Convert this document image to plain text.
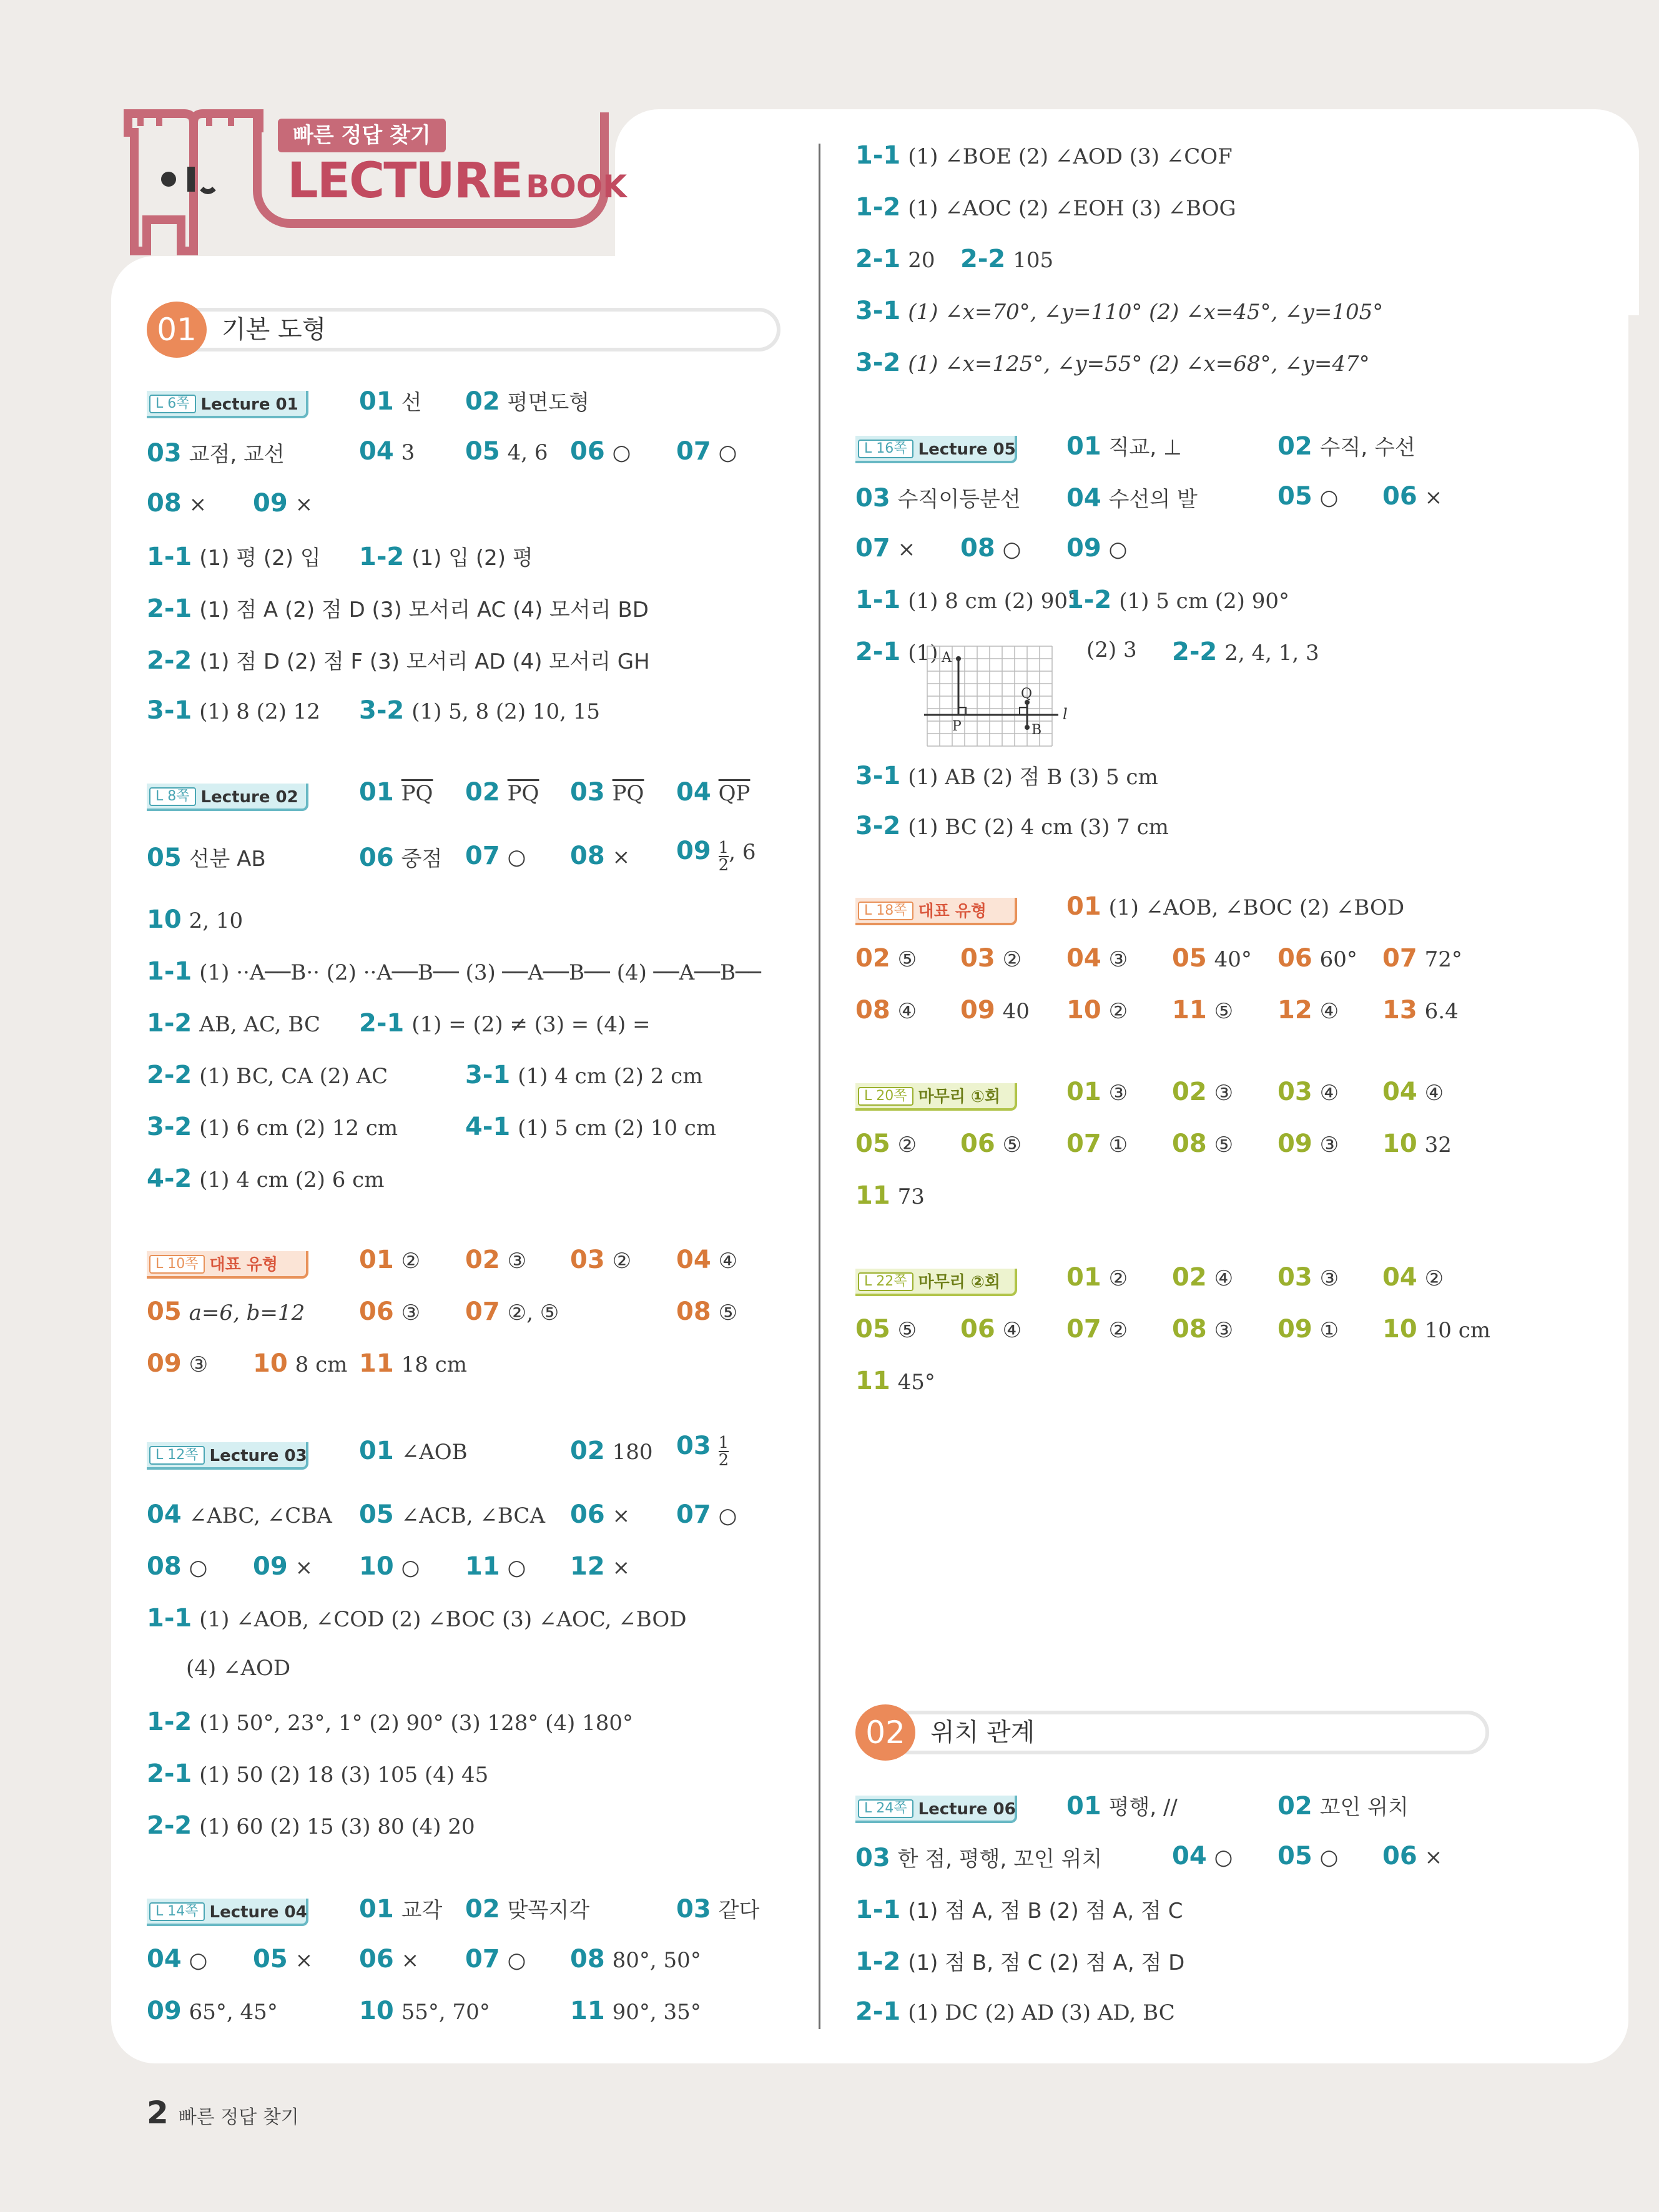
빠른 정답 찾기
LECTURE BOOK
01	기본 도형
L 6쪽 Lecture 01	01 선 02 평면도형
03 교점, 교선	04 3 05 4, 6 06 ○ 07 ○
08 × 09 ×
1-1 (1) 평 (2) 입 1-2 (1) 입 (2) 평
2-1 (1) 점 A (2) 점 D (3) 모서리 AC (4) 모서리 BD
2-2 (1) 점 D (2) 점 F (3) 모서리 AD (4) 모서리 GH
3-1 (1) 8 (2) 12 3-2 (1) 5, 8 (2) 10, 15
L 8쪽 Lecture 02	01 $\overline{PQ}$ 02 $\overline{PQ}$ 03 $\overline{PQ}$ 04 $\overline{QP}$
05 선분 AB	06 중점 07 ○ $08 \times 09 \frac{1}{2}$ , 6
10 2, 10
1-1 (1) ··A──B·· (2) ··A──B── (3) ──A──B── (4) ──A──B──
1-2 AB, AC, BC 2-1 (1) = (2) ≠ (3) = (4) =
2-2 (1) BC, CA (2) AC	3-1 (1) 4 cm (2) 2 cm
3-2 (1) 6 cm (2) 12 cm	4-1 (1) 5 cm (2) 10 cm
4-2 (1) 4 cm (2) 6 cm
L 10쪽 대표 유형	01 ② 02 ③ 03 ② 04 ④
05 a=6, b=12 06 ③ 07 ②, ⑤	08 ⑤
09 ③ 10 8 cm 11 18 cm
L 12쪽 Lecture 03 01 ∠AOB	02 180 $03 \frac{1}{2}$
04 ∠ABC, ∠CBA 05 ∠ACB, ∠BCA 06 × 07 ○
08 ○ 09 × 10 ○ 11 ○ 12 ×
1-1 (1) ∠AOB, ∠COD (2) ∠BOC (3) ∠AOC, ∠BOD
(4) ∠AOD
1-2 (1) 50°, 23°, 1° (2) 90° (3) 128° (4) 180°
2-1 (1) 50 (2) 18 (3) 105 (4) 45
2-2 (1) 60 (2) 15 (3) 80 (4) 20
L 14쪽 Lecture 04 01 교각 02 맞꼭지각	03 같다
04 ○ 05 × 06 × 07 ○ 08 80°, 50°
09 65°, 45°	10 55°, 70°	11 90°, 35°
1-1 (1) ∠BOE (2) ∠AOD (3) ∠COF
1-2 (1) ∠AOC (2) ∠EOH (3) ∠BOG
2-1 20 2-2 105
3-1 (1) ∠x=70°, ∠y=110° (2) ∠x=45°, ∠y=105°
3-2 (1) ∠x=125°, ∠y=55° (2) ∠x=68°, ∠y=47°
L 16쪽 Lecture 05 01 직교, ⊥	02 수직, 수선
03 수직이등분선 04 수선의 발	05 ○ 06 ×
07 × 08 ○ 09 ○
1-1 (1) 8 cm (2) 90°
1-2 (1) 5 cm (2) 90°
2-1 (1) A
P
Q
B
l
(2) 3 2-2 2, 4, 1, 3
3-1 (1) AB (2) 점 B (3) 5 cm
3-2 (1) BC (2) 4 cm (3) 7 cm
L 18쪽 대표 유형	01 (1) ∠AOB, ∠BOC (2) ∠BOD
02 ⑤ 03 ② 04 ③ 05 40° 06 60° 07 72°
08 ④ 09 40 10 ② 11 ⑤ 12 ④ 13 6.4
L 20쪽 마무리 ①회	01 ③ 02 ③ 03 ④ 04 ④
05 ② 06 ⑤ 07 ① 08 ⑤ 09 ③ 10 32
11 73
L 22쪽 마무리 ②회	01 ② 02 ④ 03 ③ 04 ②
05 ⑤ 06 ④ 07 ② 08 ③ 09 ① 10 10 cm
11 45°
02	위치 관계
L 24쪽 Lecture 06 01 평행, //	02 꼬인 위치
03 한 점, 평행, 꼬인 위치	04 ○ 05 ○ 06 ×
1-1 (1) 점 A, 점 B (2) 점 A, 점 C
1-2 (1) 점 B, 점 C (2) 점 A, 점 D
2-1 (1) DC (2) AD (3) AD, BC
2 빠른 정답 찾기
